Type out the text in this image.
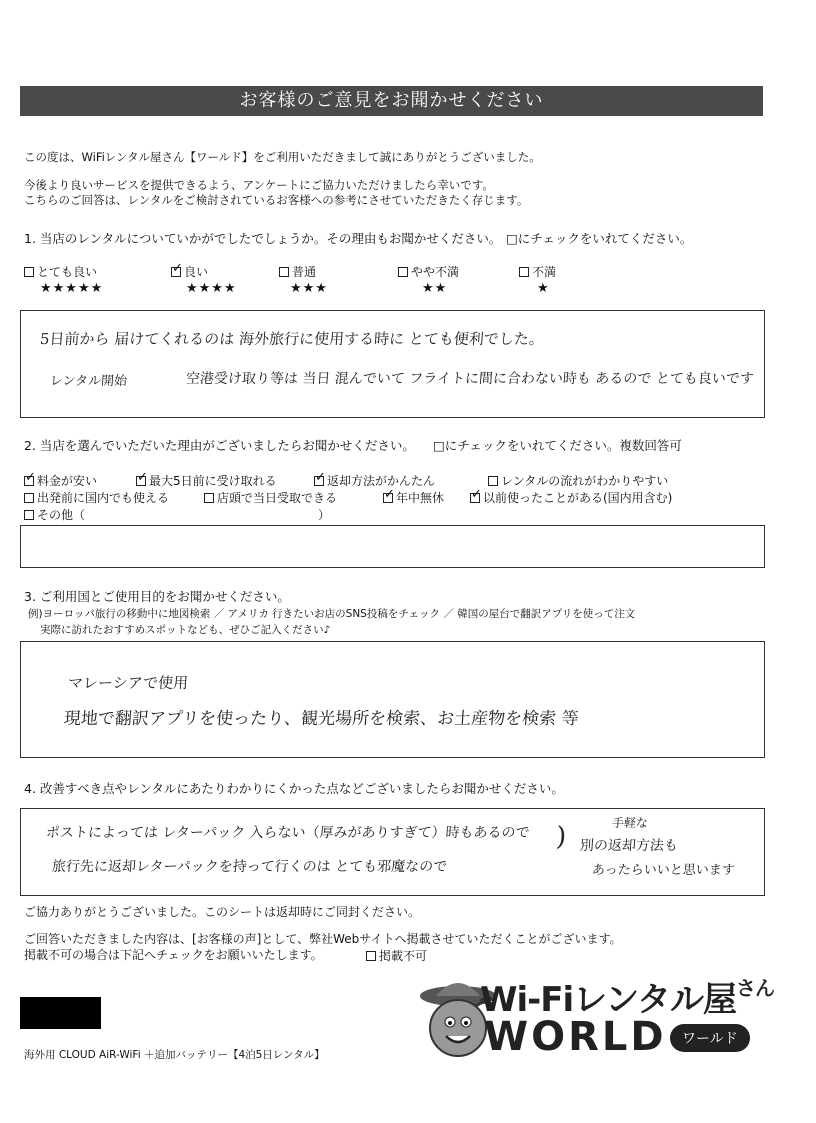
お客様のご意見をお聞かせください
この度は、WiFiレンタル屋さん【ワールド】をご利用いただきまして誠にありがとうございました。
今後より良いサービスを提供できるよう、アンケートにご協力いただけましたら幸いです。
こちらのご回答は、レンタルをご検討されているお客様への参考にさせていただきたく存じます。
1. 当店のレンタルについていかがでしたでしょうか。その理由もお聞かせください。 □にチェックをいれてください。
とても良い
★★★★★
✓
良い
★★★★
普通
★★★
やや不満
★★
不満
★
5日前から 届けてくれるのは 海外旅行に使用する時に とても便利でした。
レンタル開始	空港受け取り等は 当日 混んでいて フライトに間に合わない時も あるので とても良いです
2. 当店を選んでいただいた理由がございましたらお聞かせください。 □にチェックをいれてください。複数回答可
✓
料金が安い ✓	最大5日前に受け取れる ✓	返却方法がかんたん	レンタルの流れがわかりやすい
出発前に国内でも使える	店頭で当日受取できる ✓	年中無休 ✓	以前使ったことがある(国内用含む)
その他（	）
3. ご利用国とご使用目的をお聞かせください。
例)ヨーロッパ旅行の移動中に地図検索 ／ アメリカ 行きたいお店のSNS投稿をチェック ／ 韓国の屋台で翻訳アプリを使って注文
実際に訪れたおすすめスポットなども、ぜひご記入ください♪
マレーシアで使用
現地で翻訳アプリを使ったり、観光場所を検索、お土産物を検索 等
4. 改善すべき点やレンタルにあたりわかりにくかった点などございましたらお聞かせください。
ポストによっては レターパック 入らない（厚みがありすぎて）時もあるので
旅行先に返却レターパックを持って行くのは とても邪魔なので
)	手軽な
別の返却方法も
あったらいいと思います
ご協力ありがとうございました。このシートは返却時にご同封ください。
ご回答いただきました内容は、[お客様の声]として、弊社Webサイトへ掲載させていただくことがございます。
掲載不可の場合は下記へチェックをお願いいたします。	掲載不可
海外用 CLOUD AiR-WiFi ＋追加バッテリー【4泊5日レンタル】
Wi-Fiレンタル屋$^{さん}$
WORLD	ワールド
